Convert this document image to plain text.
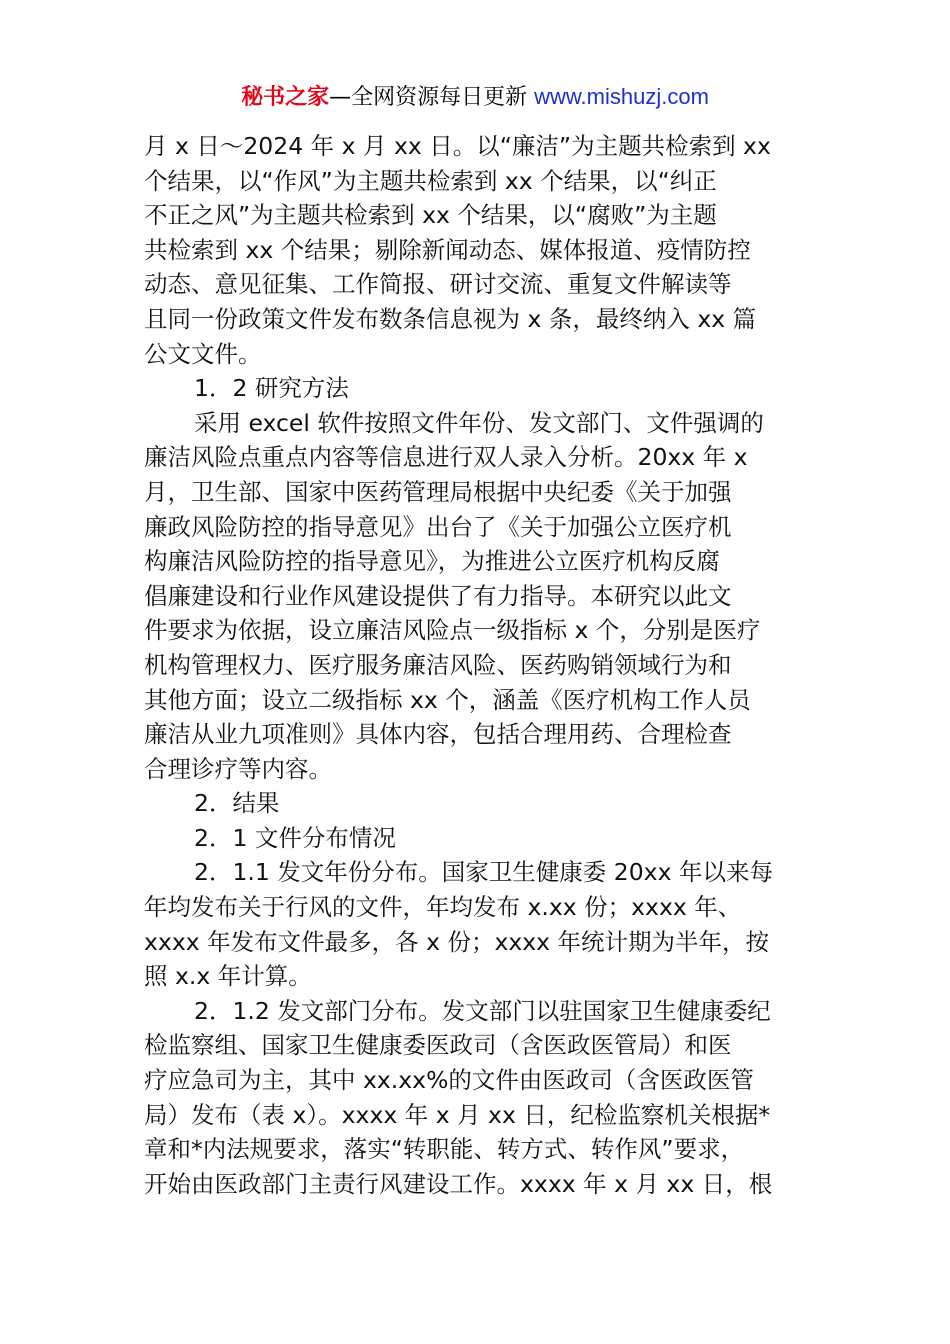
秘书之家—全网资源每日更新 www.mishuzj.com
月 x 日～2024 年 x 月 xx 日。以“廉洁”为主题共检索到 xx
个结果，以“作风”为主题共检索到 xx 个结果，以“纠正
不正之风”为主题共检索到 xx 个结果，以“腐败”为主题
共检索到 xx 个结果；剔除新闻动态、媒体报道、疫情防控
动态、意见征集、工作简报、研讨交流、重复文件解读等
且同一份政策文件发布数条信息视为 x 条，最终纳入 xx 篇
公文文件。
1．2 研究方法
采用 excel 软件按照文件年份、发文部门、文件强调的
廉洁风险点重点内容等信息进行双人录入分析。20xx 年 x
月，卫生部、国家中医药管理局根据中央纪委《关于加强
廉政风险防控的指导意见》出台了《关于加强公立医疗机
构廉洁风险防控的指导意见》，为推进公立医疗机构反腐
倡廉建设和行业作风建设提供了有力指导。本研究以此文
件要求为依据，设立廉洁风险点一级指标 x 个，分别是医疗
机构管理权力、医疗服务廉洁风险、医药购销领域行为和
其他方面；设立二级指标 xx 个，涵盖《医疗机构工作人员
廉洁从业九项准则》具体内容，包括合理用药、合理检查
合理诊疗等内容。
2．结果
2．1 文件分布情况
2．1.1 发文年份分布。国家卫生健康委 20xx 年以来每
年均发布关于行风的文件，年均发布 x.xx 份；xxxx 年、
xxxx 年发布文件最多，各 x 份；xxxx 年统计期为半年，按
照 x.x 年计算。
2．1.2 发文部门分布。发文部门以驻国家卫生健康委纪
检监察组、国家卫生健康委医政司（含医政医管局）和医
疗应急司为主，其中 xx.xx%的文件由医政司（含医政医管
局）发布（表 x）。xxxx 年 x 月 xx 日，纪检监察机关根据*
章和*内法规要求，落实“转职能、转方式、转作风”要求，
开始由医政部门主责行风建设工作。xxxx 年 x 月 xx 日，根
